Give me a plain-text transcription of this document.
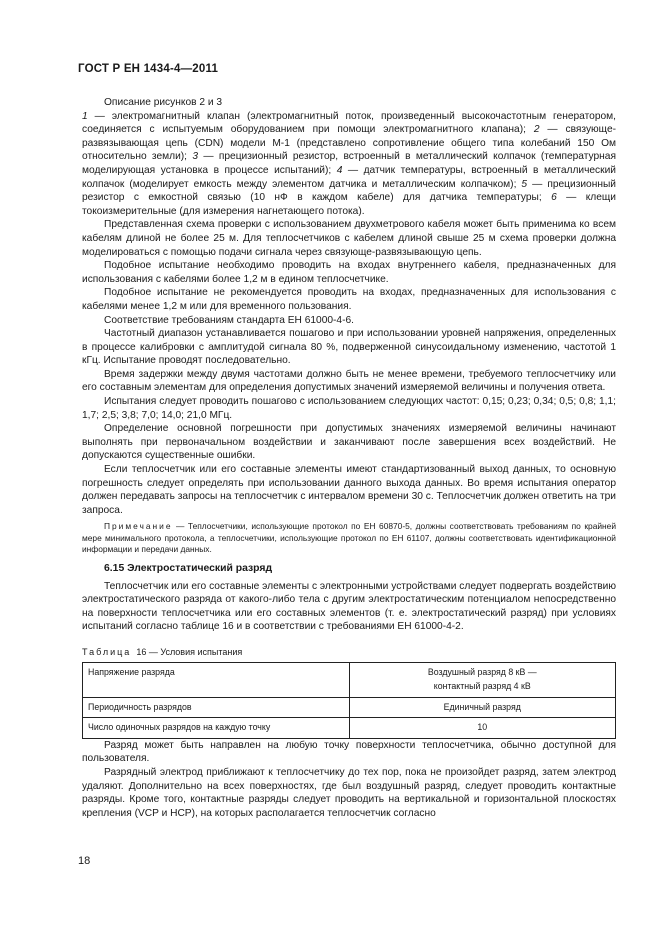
ГОСТ Р ЕН 1434-4—2011

Описание рисунков 2 и 3

1 — электромагнитный клапан (электромагнитный поток, произведенный высокочастотным генератором, соединяется с испытуемым оборудованием при помощи электромагнитного клапана); 2 — связующе-развязывающая цепь (CDN) модели М-1 (представлено сопротивление общего типа колебаний 150 Ом относительно земли); 3 — прецизионный резистор, встроенный в металлический колпачок (температурная моделирующая установка в процессе испытаний); 4 — датчик температуры, встроенный в металлический колпачок (моделирует емкость между элементом датчика и металлическим колпачком); 5 — прецизионный резистор с емкостной связью (10 нФ в каждом кабеле) для датчика температуры; 6 — клещи токоизмерительные (для измерения нагнетающего потока).

Представленная схема проверки с использованием двухметрового кабеля может быть применима ко всем кабелям длиной не более 25 м. Для теплосчетчиков с кабелем длиной свыше 25 м схема проверки должна моделироваться с помощью подачи сигнала через связующе-развязывающую цепь.

Подобное испытание необходимо проводить на входах внутреннего кабеля, предназначенных для использования с кабелями более 1,2 м в едином теплосчетчике.

Подобное испытание не рекомендуется проводить на входах, предназначенных для использования с кабелями менее 1,2 м или для временного пользования.

Соответствие требованиям стандарта ЕН 61000-4-6.

Частотный диапазон устанавливается пошагово и при использовании уровней напряжения, определенных в процессе калибровки с амплитудой сигнала 80 %, подверженной синусоидальному изменению, частотой 1 кГц. Испытание проводят последовательно.

Время задержки между двумя частотами должно быть не менее времени, требуемого теплосчетчику или его составным элементам для определения допустимых значений измеряемой величины и получения ответа.

Испытания следует проводить пошагово с использованием следующих частот: 0,15; 0,23; 0,34; 0,5; 0,8; 1,1; 1,7; 2,5; 3,8; 7,0; 14,0; 21,0 МГц.

Определение основной погрешности при допустимых значениях измеряемой величины начинают выполнять при первоначальном воздействии и заканчивают после завершения всех воздействий. Не допускаются существенные ошибки.

Если теплосчетчик или его составные элементы имеют стандартизованный выход данных, то основную погрешность следует определять при использовании данного выхода данных. Во время испытания оператор должен передавать запросы на теплосчетчик с интервалом времени 30 с. Теплосчетчик должен ответить на три запроса.

Примечание — Теплосчетчики, использующие протокол по ЕН 60870-5, должны соответствовать требованиям по крайней мере минимального протокола, а теплосчетчики, использующие протокол по ЕН 61107, должны соответствовать идентификационной информации и передачи данных.

6.15 Электростатический разряд

Теплосчетчик или его составные элементы с электронными устройствами следует подвергать воздействию электростатического разряда от какого-либо тела с другим электростатическим потенциалом непосредственно на поверхности теплосчетчика или его составных элементов (т. е. электростатический разряд) при условиях испытаний согласно таблице 16 и в соответствии с требованиями ЕН 61000-4-2.

Таблица 16 — Условия испытания
Напряжение разряда	Воздушный разряд 8 кВ —
контактный разряд 4 кВ

Периодичность разрядов	Единичный разряд
Число одиночных разрядов на каждую точку	10

Разряд может быть направлен на любую точку поверхности теплосчетчика, обычно доступной для пользователя.

Разрядный электрод приближают к теплосчетчику до тех пор, пока не произойдет разряд, затем электрод удаляют. Дополнительно на всех поверхностях, где был воздушный разряд, следует проводить контактные разряды. Кроме того, контактные разряды следует проводить на вертикальной и горизонтальной плоскостях крепления (VCP и HCP), на которых располагается теплосчетчик согласно

18
